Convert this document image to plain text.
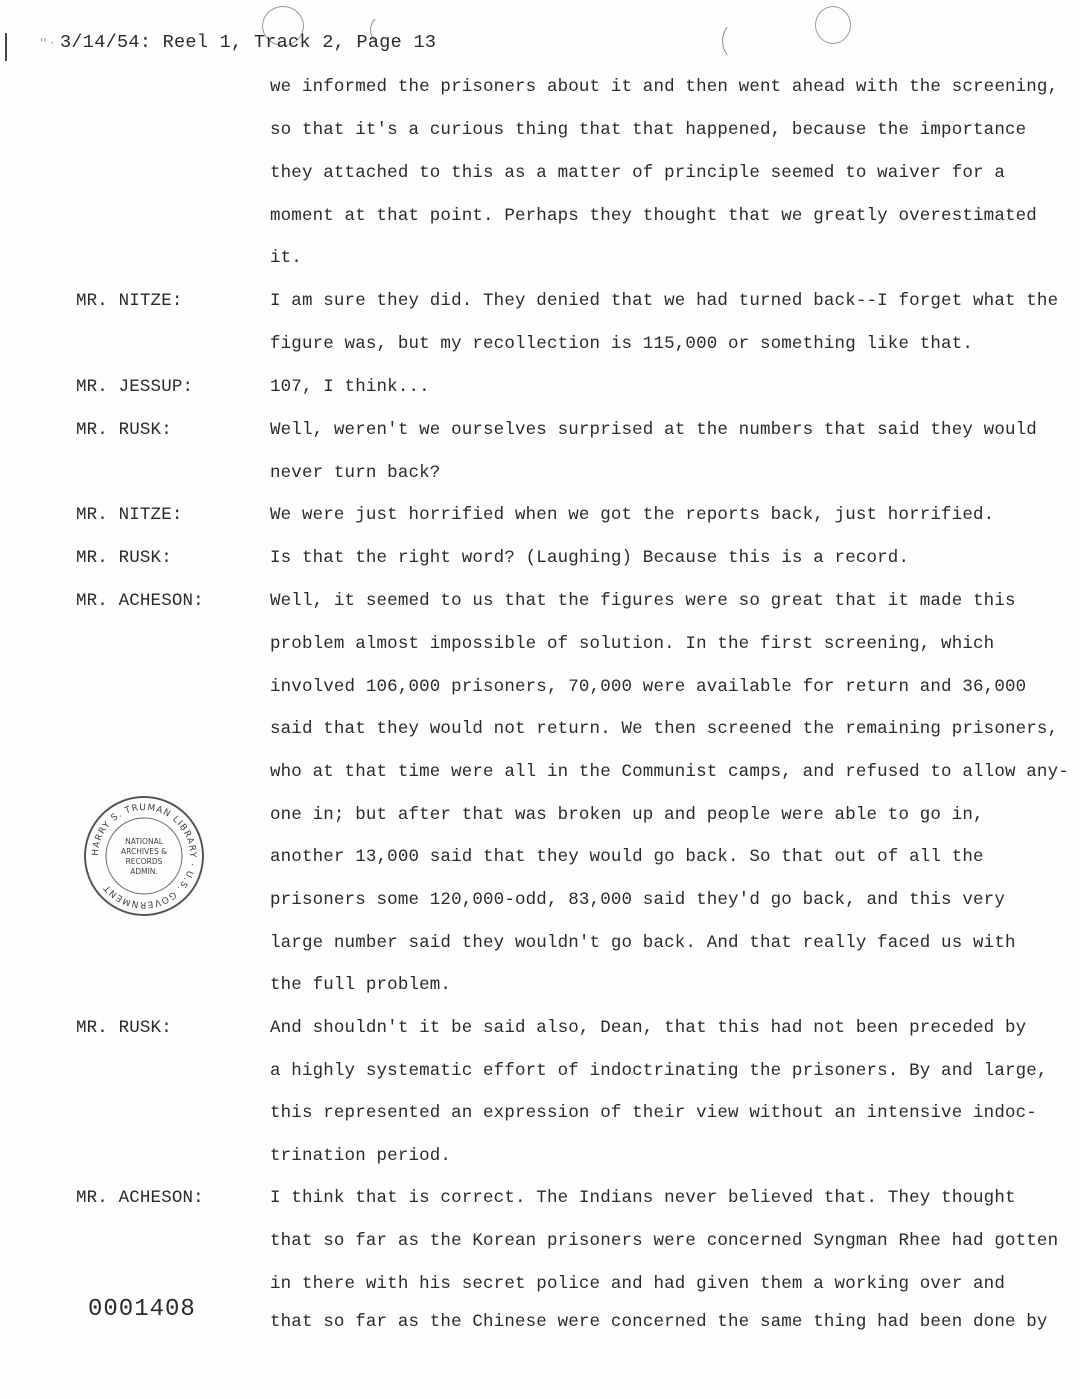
'' · 3/14/54: Reel 1, Track 2, Page 13
we informed the prisoners about it and then went ahead with the screening,
so that it's a curious thing that that happened, because the importance
they attached to this as a matter of principle seemed to waiver for a
moment at that point. Perhaps they thought that we greatly overestimated
it.
MR. NITZE:	I am sure they did. They denied that we had turned back--I forget what the
figure was, but my recollection is 115,000 or something like that.
MR. JESSUP:	107, I think...
MR. RUSK:	Well, weren't we ourselves surprised at the numbers that said they would
never turn back?
MR. NITZE:	We were just horrified when we got the reports back, just horrified.
MR. RUSK:	Is that the right word? (Laughing) Because this is a record.
MR. ACHESON:	Well, it seemed to us that the figures were so great that it made this
problem almost impossible of solution. In the first screening, which
involved 106,000 prisoners, 70,000 were available for return and 36,000
said that they would not return. We then screened the remaining prisoners,
who at that time were all in the Communist camps, and refused to allow any-
one in; but after that was broken up and people were able to go in,
another 13,000 said that they would go back. So that out of all the
prisoners some 120,000-odd, 83,000 said they'd go back, and this very
large number said they wouldn't go back. And that really faced us with
the full problem.
MR. RUSK:	And shouldn't it be said also, Dean, that this had not been preceded by
a highly systematic effort of indoctrinating the prisoners. By and large,
this represented an expression of their view without an intensive indoc-
trination period.
MR. ACHESON:	I think that is correct. The Indians never believed that. They thought
that so far as the Korean prisoners were concerned Syngman Rhee had gotten
in there with his secret police and had given them a working over and
that so far as the Chinese were concerned the same thing had been done by
HARRY S. TRUMAN LIBRARY · U.S. GOVERNMENT
NATIONAL
ARCHIVES &
RECORDS
ADMIN.
0001408
